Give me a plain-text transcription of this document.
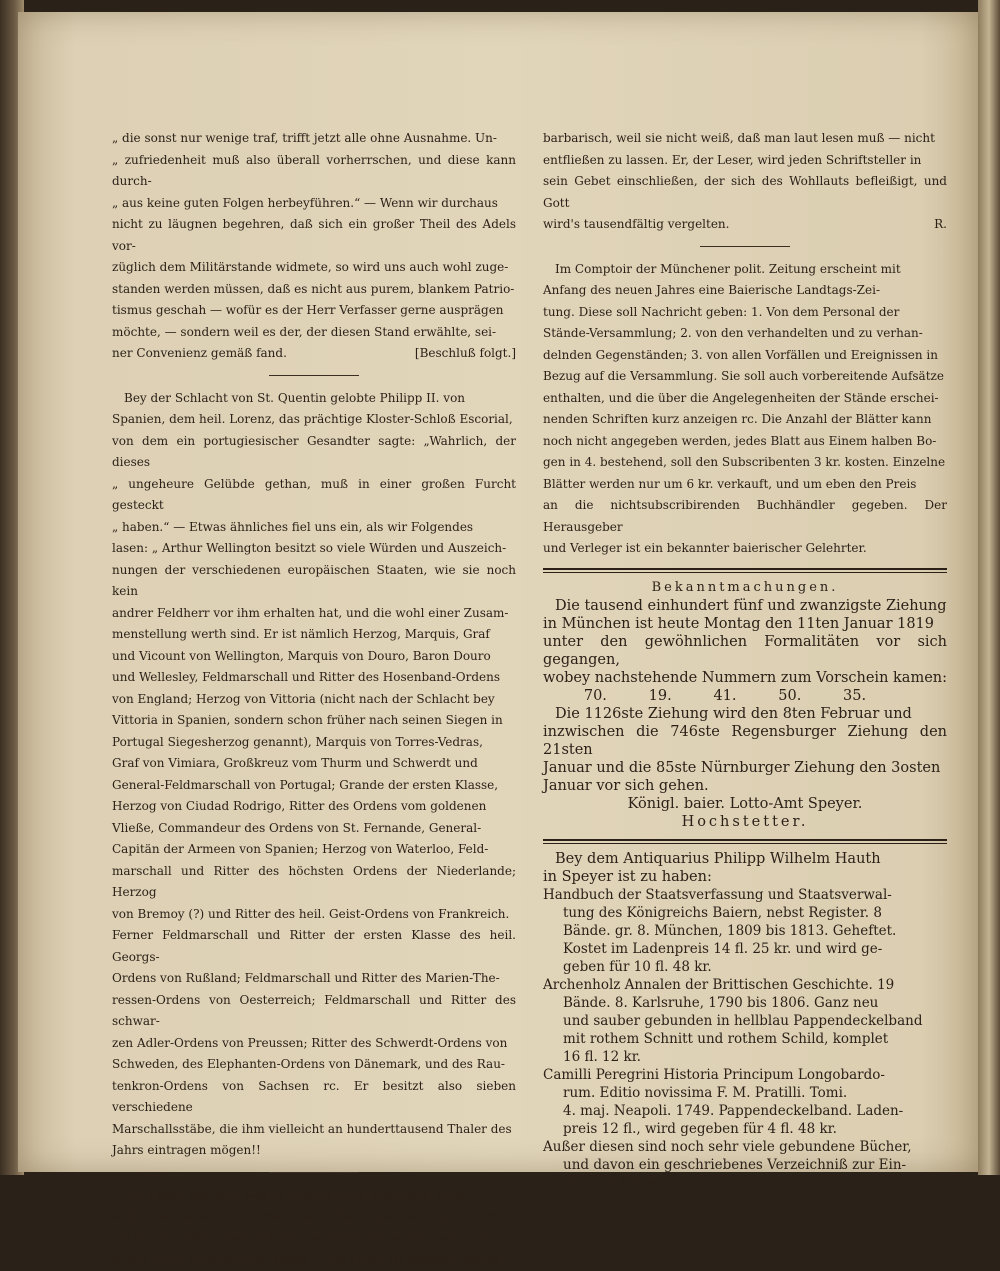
„ die sonst nur wenige traf, trifft jetzt alle ohne Ausnahme. Un-

„ zufriedenheit muß also überall vorherrschen, und diese kann durch-

„ aus keine guten Folgen herbeyführen.“ — Wenn wir durchaus

nicht zu läugnen begehren, daß sich ein großer Theil des Adels vor-

züglich dem Militärstande widmete, so wird uns auch wohl zuge-

standen werden müssen, daß es nicht aus purem, blankem Patrio-

tismus geschah — wofür es der Herr Verfasser gerne ausprägen

möchte, — sondern weil es der, der diesen Stand erwählte, sei-

ner Convenienz gemäß fand.	[Beschluß folgt.]

Bey der Schlacht von St. Quentin gelobte Philipp II. von

Spanien, dem heil. Lorenz, das prächtige Kloster-Schloß Escorial,

von dem ein portugiesischer Gesandter sagte: „Wahrlich, der dieses

„ ungeheure Gelübde gethan, muß in einer großen Furcht gesteckt

„ haben.“ — Etwas ähnliches fiel uns ein, als wir Folgendes

lasen: „ Arthur Wellington besitzt so viele Würden und Auszeich-

nungen der verschiedenen europäischen Staaten, wie sie noch kein

andrer Feldherr vor ihm erhalten hat, und die wohl einer Zusam-

menstellung werth sind. Er ist nämlich Herzog, Marquis, Graf

und Vicount von Wellington, Marquis von Douro, Baron Douro

und Wellesley, Feldmarschall und Ritter des Hosenband-Ordens

von England; Herzog von Vittoria (nicht nach der Schlacht bey

Vittoria in Spanien, sondern schon früher nach seinen Siegen in

Portugal Siegesherzog genannt), Marquis von Torres-Vedras,

Graf von Vimiara, Großkreuz vom Thurm und Schwerdt und

General-Feldmarschall von Portugal; Grande der ersten Klasse,

Herzog von Ciudad Rodrigo, Ritter des Ordens vom goldenen

Vließe, Commandeur des Ordens von St. Fernande, General-

Capitän der Armeen von Spanien; Herzog von Waterloo, Feld-

marschall und Ritter des höchsten Ordens der Niederlande; Herzog

von Bremoy (?) und Ritter des heil. Geist-Ordens von Frankreich.

Ferner Feldmarschall und Ritter der ersten Klasse des heil. Georgs-

Ordens von Rußland; Feldmarschall und Ritter des Marien-The-

ressen-Ordens von Oesterreich; Feldmarschall und Ritter des schwar-

zen Adler-Ordens von Preussen; Ritter des Schwerdt-Ordens von

Schweden, des Elephanten-Ordens von Dänemark, und des Rau-

tenkron-Ordens von Sachsen rc. Er besitzt also sieben verschiedene

Marschallsstäbe, die ihm vielleicht an hunderttausend Thaler des

Jahrs eintragen mögen!!

Ein Leser, der sich, was er Andern auch empfiehlt, ange-

wöhnt hat, alles laut zu lesen, bittet die deutschen Schriftsteller

um Gottes willen, doch solche unaussprechbare Töne wie „ ist's“

u. dgl. ihrer barbarischen Feder — die Feder ist lediglich darum

barbarisch, weil sie nicht weiß, daß man laut lesen muß — nicht

entfließen zu lassen. Er, der Leser, wird jeden Schriftsteller in

sein Gebet einschließen, der sich des Wohllauts befleißigt, und Gott

wird's tausendfältig vergelten.	R.

Im Comptoir der Münchener polit. Zeitung erscheint mit

Anfang des neuen Jahres eine Baierische Landtags-Zei-

tung. Diese soll Nachricht geben: 1. Von dem Personal der

Stände-Versammlung; 2. von den verhandelten und zu verhan-

delnden Gegenständen; 3. von allen Vorfällen und Ereignissen in

Bezug auf die Versammlung. Sie soll auch vorbereitende Aufsätze

enthalten, und die über die Angelegenheiten der Stände erschei-

nenden Schriften kurz anzeigen rc. Die Anzahl der Blätter kann

noch nicht angegeben werden, jedes Blatt aus Einem halben Bo-

gen in 4. bestehend, soll den Subscribenten 3 kr. kosten. Einzelne

Blätter werden nur um 6 kr. verkauft, und um eben den Preis

an die nichtsubscribirenden Buchhändler gegeben. Der Herausgeber

und Verleger ist ein bekannter baierischer Gelehrter.

Bekanntmachungen.

Die tausend einhundert fünf und zwanzigste Ziehung

in München ist heute Montag den 11ten Januar 1819

unter den gewöhnlichen Formalitäten vor sich gegangen,

wobey nachstehende Nummern zum Vorschein kamen:

70.	19.	41.	50.	35.

Die 1126ste Ziehung wird den 8ten Februar und

inzwischen die 746ste Regensburger Ziehung den 21sten

Januar und die 85ste Nürnburger Ziehung den 3osten

Januar vor sich gehen.

Königl. baier. Lotto-Amt Speyer.

Hochstetter.

Bey dem Antiquarius Philipp Wilhelm Hauth

in Speyer ist zu haben:

Handbuch der Staatsverfassung und Staatsverwal-
tung des Königreichs Baiern, nebst Register. 8
Bände. gr. 8. München, 1809 bis 1813. Geheftet.
Kostet im Ladenpreis 14 fl. 25 kr. und wird ge-
geben für 10 fl. 48 kr.

Archenholz Annalen der Brittischen Geschichte. 19
Bände. 8. Karlsruhe, 1790 bis 1806. Ganz neu
und sauber gebunden in hellblau Pappendeckelband
mit rothem Schnitt und rothem Schild, komplet
16 fl. 12 kr.

Camilli Peregrini Historia Principum Longobardo-
rum. Editio novissima F. M. Pratilli. Tomi.
4. maj. Neapoli. 1749. Pappendeckelband. Laden-
preis 12 fl., wird gegeben für 4 fl. 48 kr.

Außer diesen sind noch sehr viele gebundene Bücher,
und davon ein geschriebenes Verzeichniß zur Ein-
sicht zu haben.
